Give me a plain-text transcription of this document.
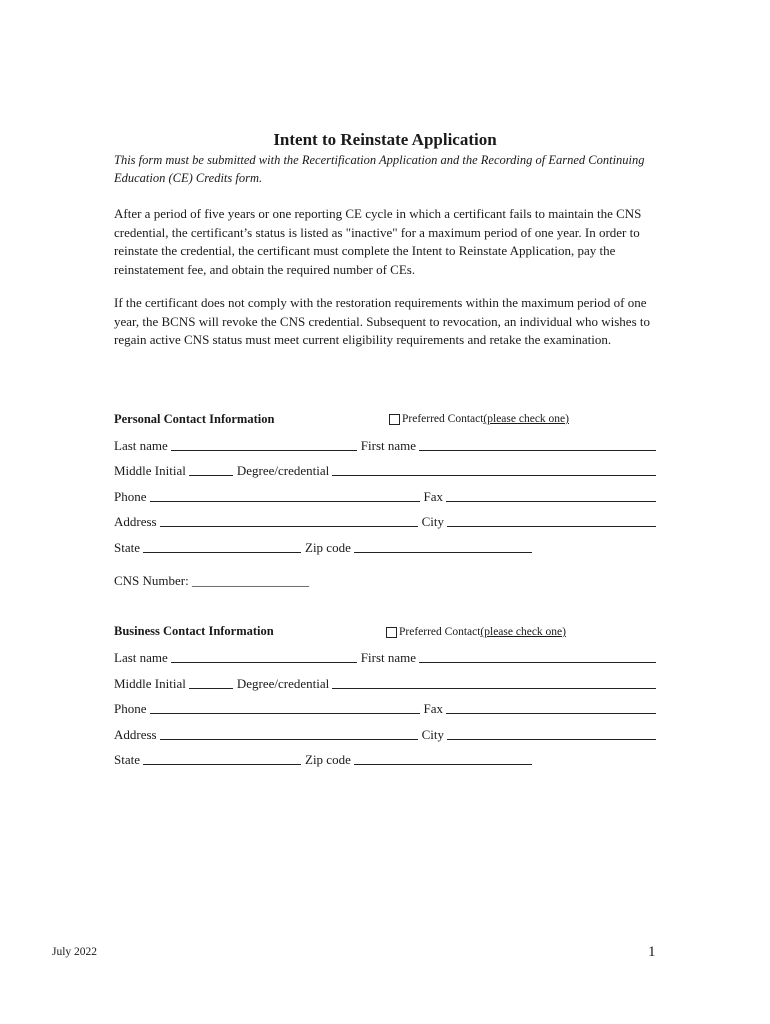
Intent to Reinstate Application
This form must be submitted with the Recertification Application and the Recording of Earned Continuing Education (CE) Credits form.
After a period of five years or one reporting CE cycle in which a certificant fails to maintain the CNS credential, the certificant’s status is listed as "inactive" for a maximum period of one year. In order to reinstate the credential, the certificant must complete the Intent to Reinstate Application, pay the reinstatement fee, and obtain the required number of CEs.
If the certificant does not comply with the restoration requirements within the maximum period of one year, the BCNS will revoke the CNS credential. Subsequent to revocation, an individual who wishes to regain active CNS status must meet current eligibility requirements and retake the examination.
Personal Contact Information	Preferred Contact (please check one)
Last name	First name
Middle Initial	Degree/credential
Phone	Fax
Address	City
State	Zip code
CNS Number: __________________
Business Contact Information	Preferred Contact (please check one)
Last name	First name
Middle Initial	Degree/credential
Phone	Fax
Address	City
State	Zip code
July 2022	1
